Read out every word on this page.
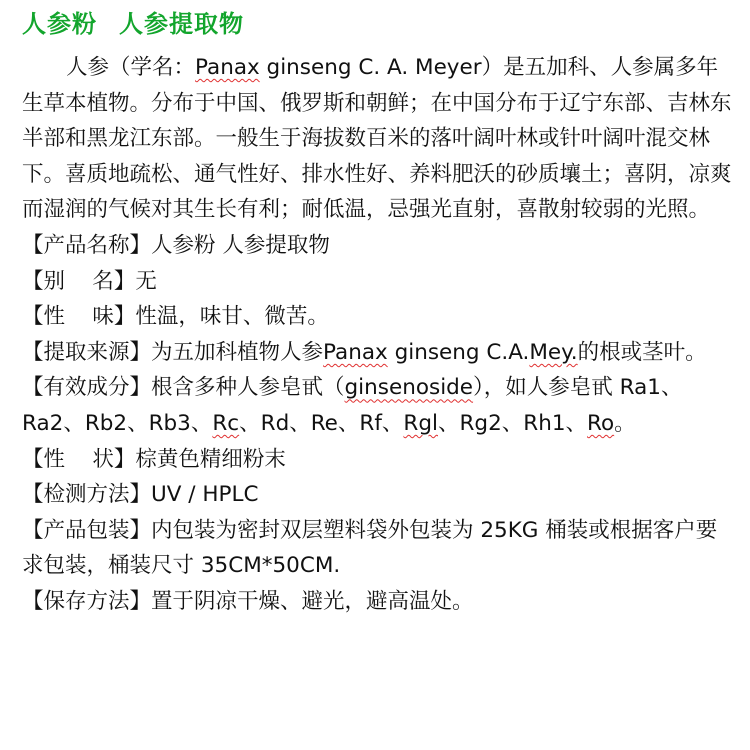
人参粉 人参提取物
人参（学名：Panax ginseng C. A. Meyer）是五加科、人参属多年生草本植物。分布于中国、俄罗斯和朝鲜；在中国分布于辽宁东部、吉林东半部和黑龙江东部。一般生于海拔数百米的落叶阔叶林或针叶阔叶混交林下。喜质地疏松、通气性好、排水性好、养料肥沃的砂质壤土；喜阴，凉爽而湿润的气候对其生长有利；耐低温，忌强光直射，喜散射较弱的光照。
【产品名称】人参粉 人参提取物
【别    名】无
【性    味】性温，味甘、微苦。
【提取来源】为五加科植物人参Panax ginseng C.A.Mey.的根或茎叶。
【有效成分】根含多种人参皂甙（ginsenoside），如人参皂甙 Ra1、Ra2、Rb2、Rb3、Rc、Rd、Re、Rf、Rgl、Rg2、Rh1、Ro。
【性    状】棕黄色精细粉末
【检测方法】UV / HPLC
【产品包装】内包装为密封双层塑料袋外包装为 25KG 桶装或根据客户要求包装，桶装尺寸 35CM*50CM.
【保存方法】置于阴凉干燥、避光，避高温处。
